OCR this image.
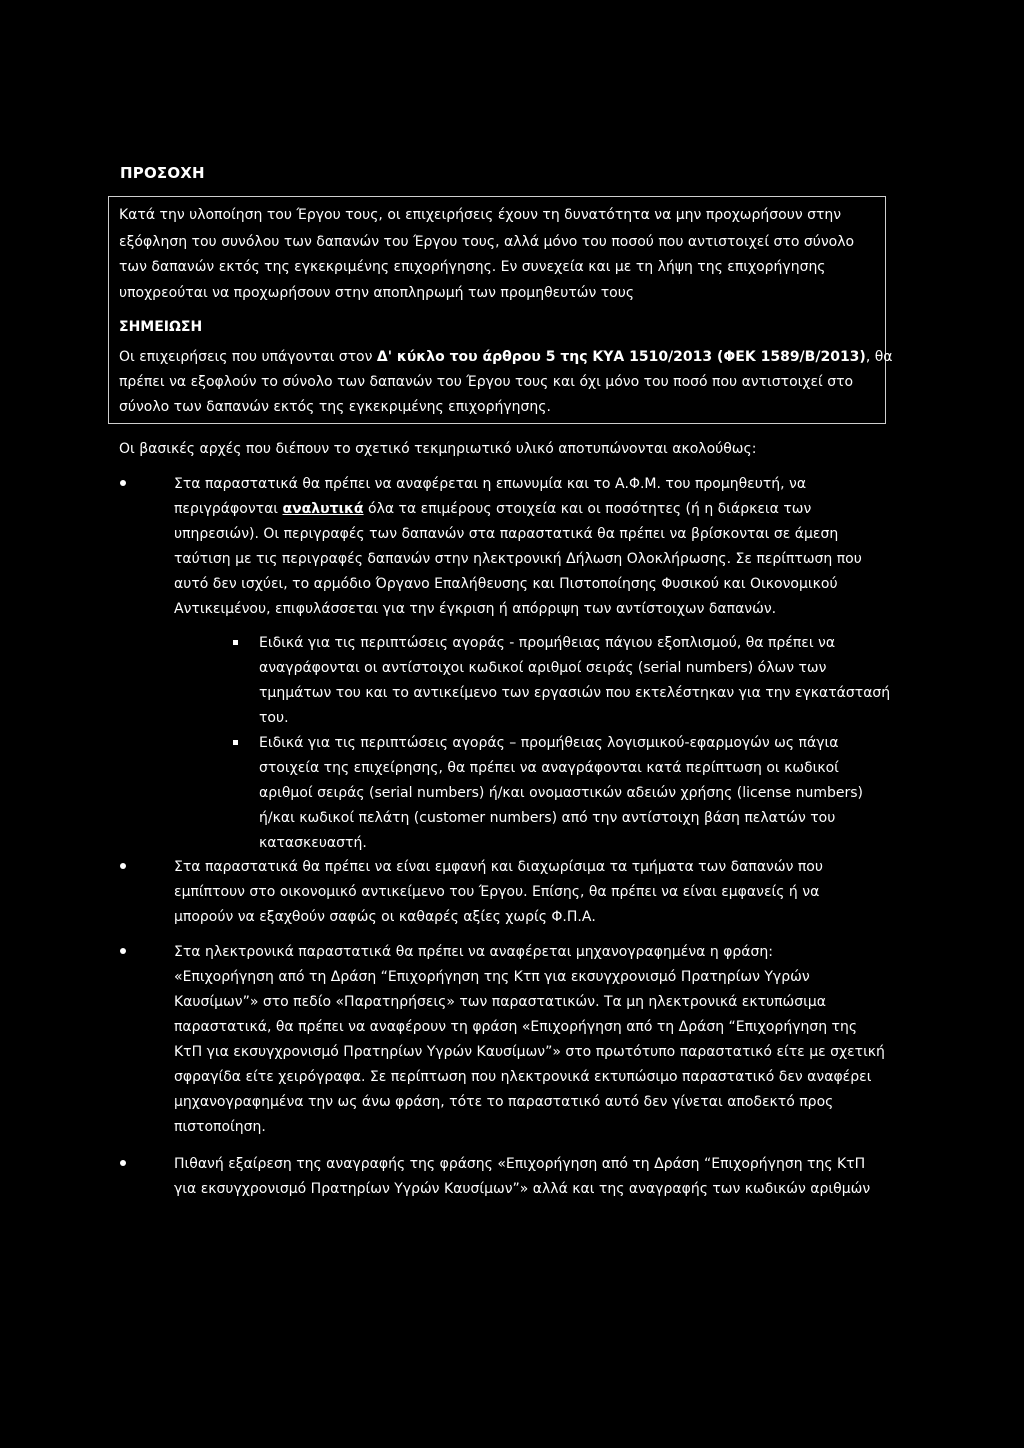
ΠΡΟΣΟΧΗ
Κατά την υλοποίηση του Έργου τους, οι επιχειρήσεις έχουν τη δυνατότητα να μην προχωρήσουν στην
εξόφληση του συνόλου των δαπανών του Έργου τους, αλλά μόνο του ποσού που αντιστοιχεί στο σύνολο
των δαπανών εκτός της εγκεκριμένης επιχορήγησης. Εν συνεχεία και με τη λήψη της επιχορήγησης
υποχρεούται να προχωρήσουν στην αποπληρωμή των προμηθευτών τους
ΣΗΜΕΙΩΣΗ
Οι επιχειρήσεις που υπάγονται στον Δ' κύκλο του άρθρου 5 της ΚΥΑ 1510/2013 (ΦΕΚ 1589/Β/2013), θα
πρέπει να εξοφλούν το σύνολο των δαπανών του Έργου τους και όχι μόνο του ποσό που αντιστοιχεί στο
σύνολο των δαπανών εκτός της εγκεκριμένης επιχορήγησης.
Οι βασικές αρχές που διέπουν το σχετικό τεκμηριωτικό υλικό αποτυπώνονται ακολούθως:
Στα παραστατικά θα πρέπει να αναφέρεται η επωνυμία και το Α.Φ.Μ. του προμηθευτή, να
περιγράφονται αναλυτικά όλα τα επιμέρους στοιχεία και οι ποσότητες (ή η διάρκεια των
υπηρεσιών). Οι περιγραφές των δαπανών στα παραστατικά θα πρέπει να βρίσκονται σε άμεση
ταύτιση με τις περιγραφές δαπανών στην ηλεκτρονική Δήλωση Ολοκλήρωσης. Σε περίπτωση που
αυτό δεν ισχύει, το αρμόδιο Όργανο Επαλήθευσης και Πιστοποίησης Φυσικού και Οικονομικού
Αντικειμένου, επιφυλάσσεται για την έγκριση ή απόρριψη των αντίστοιχων δαπανών.
Ειδικά για τις περιπτώσεις αγοράς - προμήθειας πάγιου εξοπλισμού, θα πρέπει να
αναγράφονται οι αντίστοιχοι κωδικοί αριθμοί σειράς (serial numbers) όλων των
τμημάτων του και το αντικείμενο των εργασιών που εκτελέστηκαν για την εγκατάστασή
του.
Ειδικά για τις περιπτώσεις αγοράς – προμήθειας λογισμικού-εφαρμογών ως πάγια
στοιχεία της επιχείρησης, θα πρέπει να αναγράφονται κατά περίπτωση οι κωδικοί
αριθμοί σειράς (serial numbers) ή/και ονομαστικών αδειών χρήσης (license numbers)
ή/και κωδικοί πελάτη (customer numbers) από την αντίστοιχη βάση πελατών του
κατασκευαστή.
Στα παραστατικά θα πρέπει να είναι εμφανή και διαχωρίσιμα τα τμήματα των δαπανών που
εμπίπτουν στο οικονομικό αντικείμενο του Έργου. Επίσης, θα πρέπει να είναι εμφανείς ή να
μπορούν να εξαχθούν σαφώς οι καθαρές αξίες χωρίς Φ.Π.Α.
Στα ηλεκτρονικά παραστατικά θα πρέπει να αναφέρεται μηχανογραφημένα η φράση:
«Επιχορήγηση από τη Δράση “Επιχορήγηση της Κτπ για εκσυγχρονισμό Πρατηρίων Υγρών
Καυσίμων”» στο πεδίο «Παρατηρήσεις» των παραστατικών. Τα μη ηλεκτρονικά εκτυπώσιμα
παραστατικά, θα πρέπει να αναφέρουν τη φράση «Επιχορήγηση από τη Δράση “Επιχορήγηση της
ΚτΠ για εκσυγχρονισμό Πρατηρίων Υγρών Καυσίμων”» στο πρωτότυπο παραστατικό είτε με σχετική
σφραγίδα είτε χειρόγραφα. Σε περίπτωση που ηλεκτρονικά εκτυπώσιμο παραστατικό δεν αναφέρει
μηχανογραφημένα την ως άνω φράση, τότε το παραστατικό αυτό δεν γίνεται αποδεκτό προς
πιστοποίηση.
Πιθανή εξαίρεση της αναγραφής της φράσης «Επιχορήγηση από τη Δράση “Επιχορήγηση της ΚτΠ
για εκσυγχρονισμό Πρατηρίων Υγρών Καυσίμων”» αλλά και της αναγραφής των κωδικών αριθμών
